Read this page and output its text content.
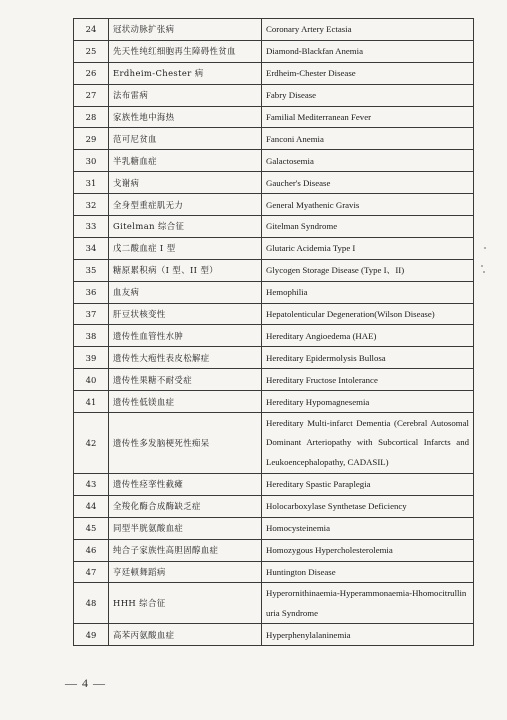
24	冠状动脉扩张病	Coronary Artery Ectasia
25	先天性纯红细胞再生障碍性贫血	Diamond-Blackfan Anemia
26	Erdheim-Chester 病	Erdheim-Chester Disease
27	法布雷病	Fabry Disease
28	家族性地中海热	Familial Mediterranean Fever
29	范可尼贫血	Fanconi Anemia
30	半乳糖血症	Galactosemia
31	戈谢病	Gaucher's Disease
32	全身型重症肌无力	General Myathenic Gravis
33	Gitelman 综合征	Gitelman Syndrome
34	戊二酸血症 I 型	Glutaric Acidemia Type I
35	糖原累积病（I 型、II 型）	Glycogen Storage Disease (Type I、II)
36	血友病	Hemophilia
37	肝豆状核变性	Hepatolenticular Degeneration(Wilson Disease)
38	遗传性血管性水肿	Hereditary Angioedema (HAE)
39	遗传性大疱性表皮松解症	Hereditary Epidermolysis Bullosa
40	遗传性果糖不耐受症	Hereditary Fructose Intolerance
41	遗传性低镁血症	Hereditary Hypomagnesemia
42	遗传性多发脑梗死性痴呆	Hereditary Multi-infarct Dementia (Cerebral Autosomal Dominant Arteriopathy with Subcortical Infarcts and Leukoencephalopathy, CADASIL)
43	遗传性痉挛性截瘫	Hereditary Spastic Paraplegia
44	全羧化酶合成酶缺乏症	Holocarboxylase Synthetase Deficiency
45	同型半胱氨酸血症	Homocysteinemia
46	纯合子家族性高胆固醇血症	Homozygous Hypercholesterolemia
47	亨廷顿舞蹈病	Huntington Disease
48	HHH 综合征	Hyperornithinaemia-Hyperammonaemia-Hhomocitrullinuria Syndrome
49	高苯丙氨酸血症	Hyperphenylalaninemia
— 4 —
